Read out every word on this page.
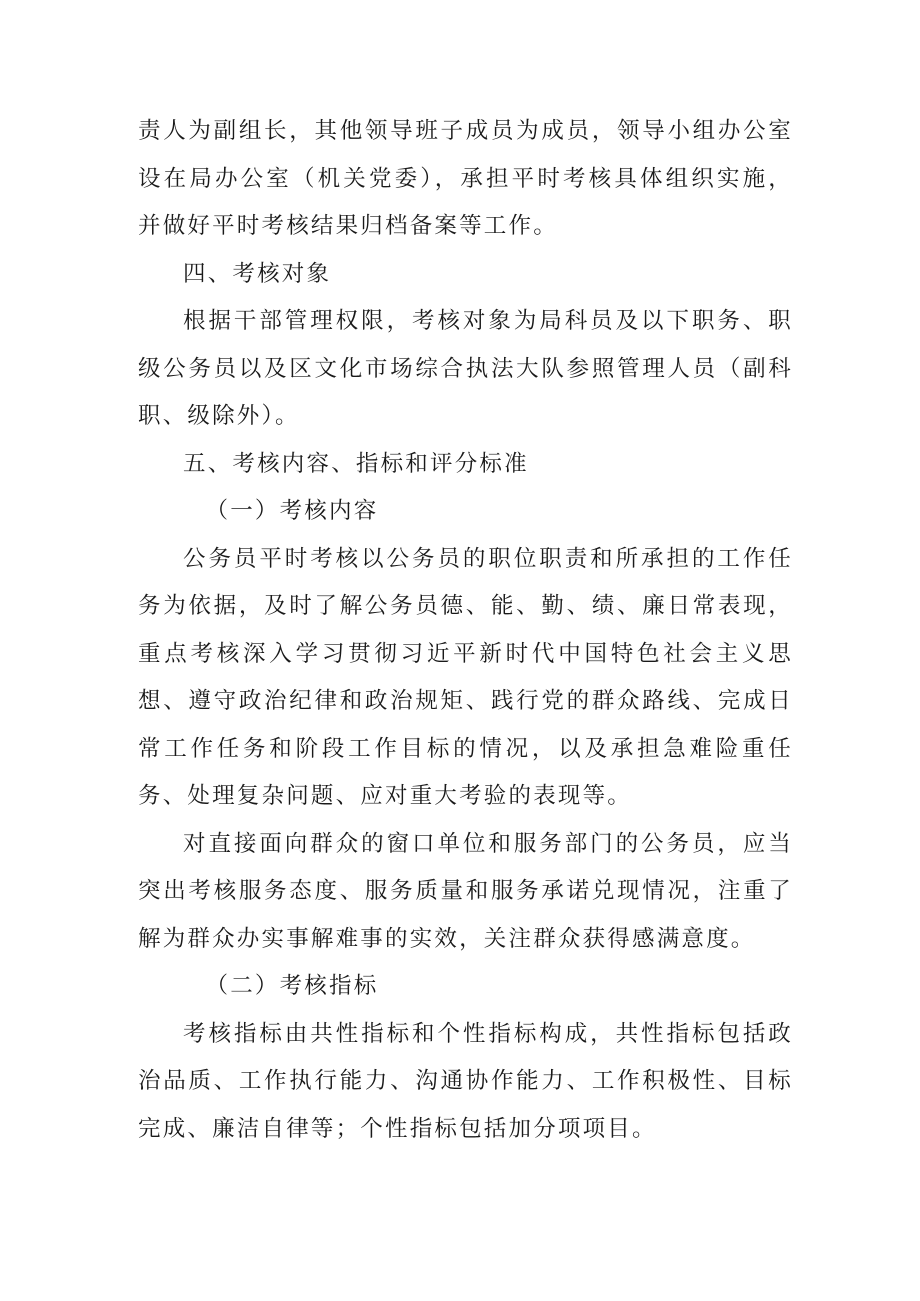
责人为副组长，其他领导班子成员为成员，领导小组办公室设在局办公室（机关党委），承担平时考核具体组织实施，并做好平时考核结果归档备案等工作。

四、考核对象

根据干部管理权限，考核对象为局科员及以下职务、职级公务员以及区文化市场综合执法大队参照管理人员（副科职、级除外）。

五、考核内容、指标和评分标准

（一）考核内容

公务员平时考核以公务员的职位职责和所承担的工作任务为依据，及时了解公务员德、能、勤、绩、廉日常表现，重点考核深入学习贯彻习近平新时代中国特色社会主义思想、遵守政治纪律和政治规矩、践行党的群众路线、完成日常工作任务和阶段工作目标的情况，以及承担急难险重任务、处理复杂问题、应对重大考验的表现等。

对直接面向群众的窗口单位和服务部门的公务员，应当突出考核服务态度、服务质量和服务承诺兑现情况，注重了解为群众办实事解难事的实效，关注群众获得感满意度。

（二）考核指标

考核指标由共性指标和个性指标构成，共性指标包括政治品质、工作执行能力、沟通协作能力、工作积极性、目标完成、廉洁自律等；个性指标包括加分项项目。
